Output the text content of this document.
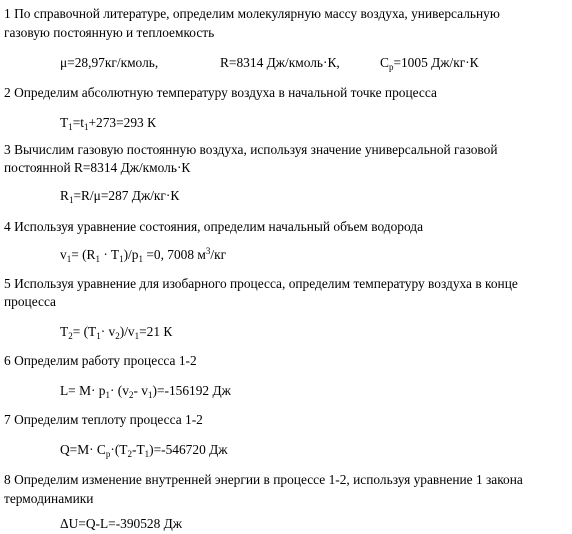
1 По справочной литературе, определим молекулярную массу воздуха, универсальную
газовую постоянную и теплоемкость
μ=28,97кг/кмоль,	R=8314 Дж/кмоль·К,	$C_p=1005$ Дж/кг·К
2 Определим абсолютную температуру воздуха в начальной точке процесса
$T_1=t_1+273=293$ К
3 Вычислим газовую постоянную воздуха, используя значение универсальной газовой
постоянной R=8314 Дж/кмоль·К
$R_1=R/\mu=287$ Дж/кг·К
4 Используя уравнение состояния, определим начальный объем водорода
$v_1= (R_1 \cdot T_1)/p_1 =0$, 7008 $м^3/кг$
5 Используя уравнение для изобарного процесса, определим температуру воздуха в конце
процесса
$T_2= (T_1\cdot v_2)/v_1=21$ К
6 Определим работу процесса 1-2
$L= M\cdot p_1\cdot (v_2-$ $v_1)=-156192$ Дж
7 Определим теплоту процесса 1-2
$Q=M\cdot C_p\cdot(T_2-T_1)=-546720$ Дж
8 Определим изменение внутренней энергии в процессе 1-2, используя уравнение 1 закона
термодинамики
ΔU=Q-L=-390528 Дж
